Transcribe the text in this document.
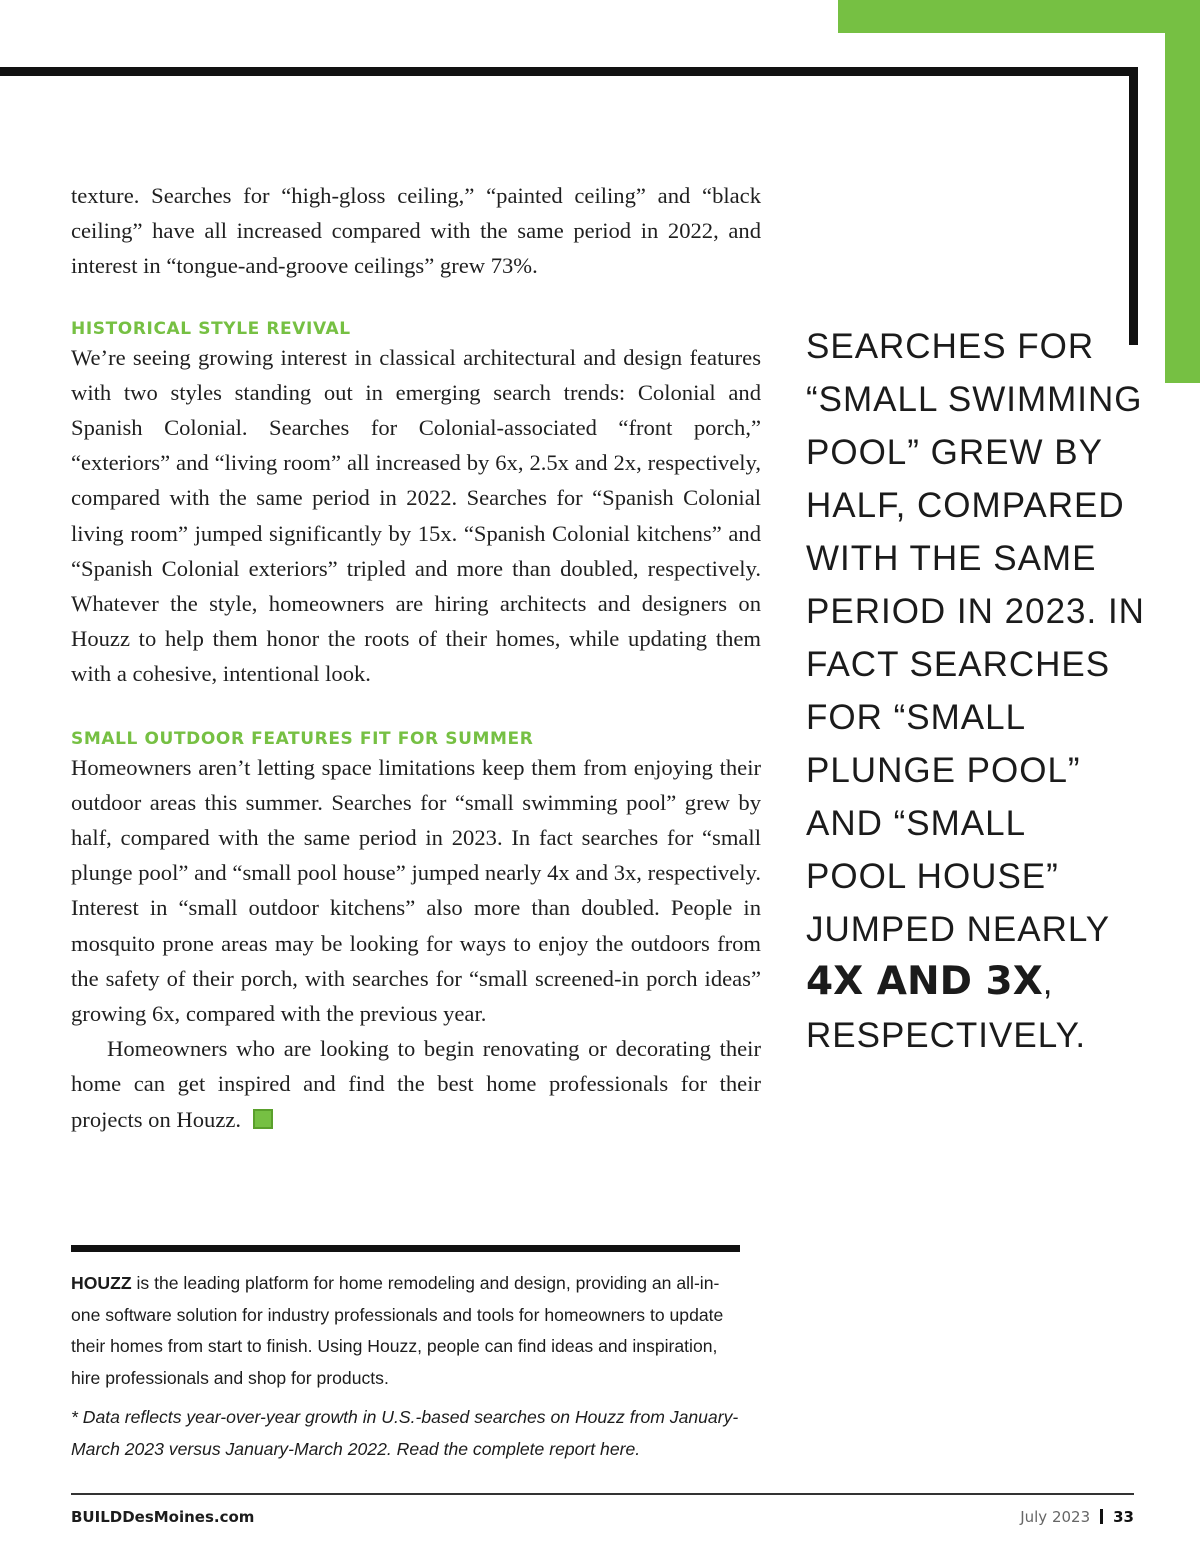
texture. Searches for “high-gloss ceiling,” “painted ceiling” and “black ceiling” have all increased compared with the same period in 2022, and interest in “tongue-and-groove ceilings” grew 73%.

HISTORICAL STYLE REVIVAL

We’re seeing growing interest in classical architectural and design features with two styles standing out in emerging search trends: Colonial and Spanish Colonial. Searches for Colonial-associated “front porch,” “exteriors” and “living room” all increased by 6x, 2.5x and 2x, respectively, compared with the same period in 2022. Searches for “Spanish Colonial living room” jumped significantly by 15x. “Spanish Colonial kitchens” and “Spanish Colonial exteriors” tripled and more than doubled, respectively. Whatever the style, homeowners are hiring architects and designers on Houzz to help them honor the roots of their homes, while updating them with a cohesive, intentional look.

SMALL OUTDOOR FEATURES FIT FOR SUMMER

Homeowners aren’t letting space limitations keep them from enjoying their outdoor areas this summer. Searches for “small swimming pool” grew by half, compared with the same period in 2023. In fact searches for “small plunge pool” and “small pool house” jumped nearly 4x and 3x, respectively. Interest in “small outdoor kitchens” also more than doubled. People in mosquito prone areas may be looking for ways to enjoy the outdoors from the safety of their porch, with searches for “small screened-in porch ideas” growing 6x, compared with the previous year.

Homeowners who are looking to begin renovating or decorating their home can get inspired and find the best home professionals for their projects on Houzz.	B

SEARCHES FOR
“SMALL SWIMMING
POOL” GREW BY
HALF, COMPARED
WITH THE SAME
PERIOD IN 2023. IN
FACT SEARCHES
FOR “SMALL
PLUNGE POOL”
AND “SMALL
POOL HOUSE”
JUMPED NEARLY
4X AND 3X,
RESPECTIVELY.

HOUZZ is the leading platform for home remodeling and design, providing an all-in-one software solution for industry professionals and tools for homeowners to update their homes from start to finish. Using Houzz, people can find ideas and inspiration, hire professionals and shop for products.

* Data reflects year-over-year growth in U.S.-based searches on Houzz from January-March 2023 versus January-March 2022. Read the complete report here.

BUILDDesMoines.com	July 2023 33
